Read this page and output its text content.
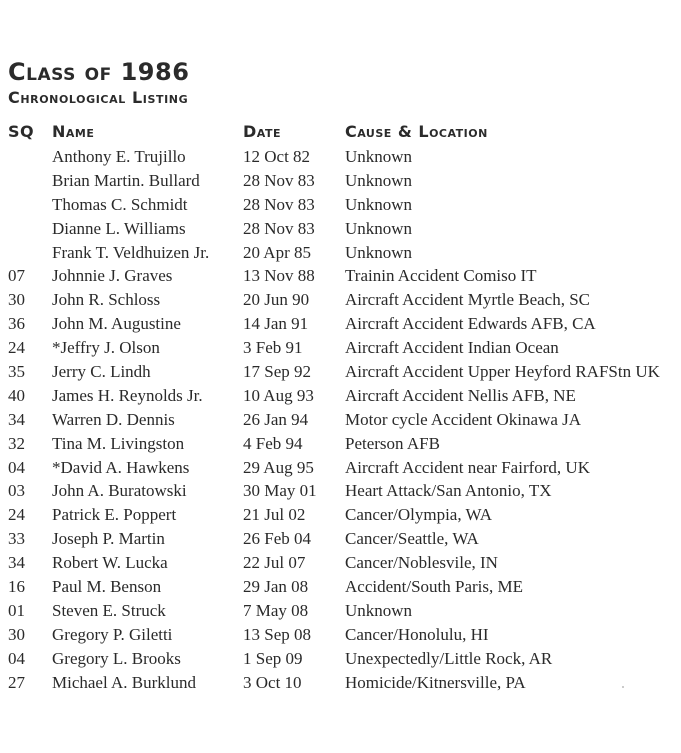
Class of 1986
Chronological Listing
SQ Name	Date	Cause & Location
Anthony E. Trujillo	12 Oct 82 Unknown
Brian Martin. Bullard	28 Nov 83 Unknown
Thomas C. Schmidt	28 Nov 83 Unknown
Dianne L. Williams	28 Nov 83 Unknown
Frank T. Veldhuizen Jr. 20 Apr 85 Unknown
07 Johnnie J. Graves	13 Nov 88 Trainin Accident Comiso IT
30 John R. Schloss	20 Jun 90 Aircraft Accident Myrtle Beach, SC
36 John M. Augustine	14 Jan 91 Aircraft Accident Edwards AFB, CA
24 *Jeffry J. Olson	3 Feb 91	Aircraft Accident Indian Ocean
35 Jerry C. Lindh	17 Sep 92 Aircraft Accident Upper Heyford RAFStn UK
40 James H. Reynolds Jr. 10 Aug 93 Aircraft Accident Nellis AFB, NE
34 Warren D. Dennis	26 Jan 94 Motor cycle Accident Okinawa JA
32 Tina M. Livingston	4 Feb 94	Peterson AFB
04 *David A. Hawkens	29 Aug 95 Aircraft Accident near Fairford, UK
03 John A. Buratowski	30 May 01 Heart Attack/San Antonio, TX
24 Patrick E. Poppert	21 Jul 02 Cancer/Olympia, WA
33 Joseph P. Martin	26 Feb 04 Cancer/Seattle, WA
34 Robert W. Lucka	22 Jul 07 Cancer/Noblesvile, IN
16 Paul M. Benson	29 Jan 08 Accident/South Paris, ME
01 Steven E. Struck	7 May 08 Unknown
30 Gregory P. Giletti	13 Sep 08 Cancer/Honolulu, HI
04 Gregory L. Brooks	1 Sep 09	Unexpectedly/Little Rock, AR
27 Michael A. Burklund	3 Oct 10	Homicide/Kitnersville, PA
